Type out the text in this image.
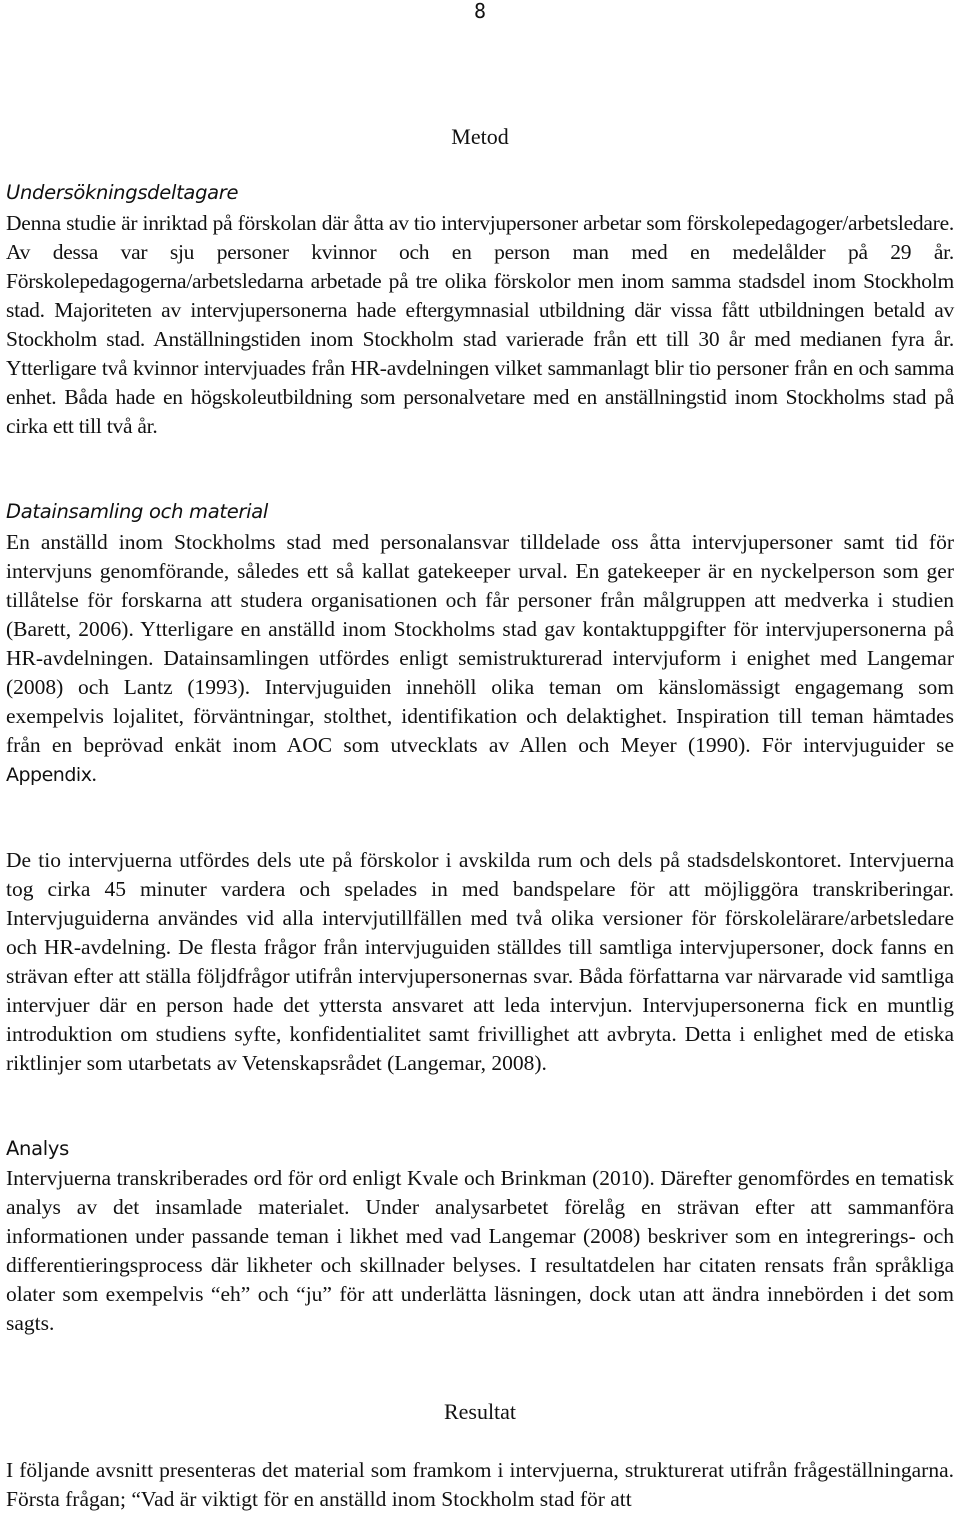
8
Metod
Undersökningsdeltagare

Denna studie är inriktad på förskolan där åtta av tio intervjupersoner arbetar som förskolepedagoger/arbetsledare. Av dessa var sju personer kvinnor och en person man med en medelålder på 29 år. Förskolepedagogerna/arbetsledarna arbetade på tre olika förskolor men inom samma stadsdel inom Stockholm stad. Majoriteten av intervjupersonerna hade eftergymnasial utbildning där vissa fått utbildningen betald av Stockholm stad. Anställningstiden inom Stockholm stad varierade från ett till 30 år med medianen fyra år. Ytterligare två kvinnor intervjuades från HR-avdelningen vilket sammanlagt blir tio personer från en och samma enhet. Båda hade en högskoleutbildning som personalvetare med en anställningstid inom Stockholms stad på cirka ett till två år.

Datainsamling och material

En anställd inom Stockholms stad med personalansvar tilldelade oss åtta intervjupersoner samt tid för intervjuns genomförande, således ett så kallat gatekeeper urval. En gatekeeper är en nyckelperson som ger tillåtelse för forskarna att studera organisationen och får personer från målgruppen att medverka i studien (Barett, 2006). Ytterligare en anställd inom Stockholms stad gav kontaktuppgifter för intervjupersonerna på HR-avdelningen. Datainsamlingen utfördes enligt semistrukturerad intervjuform i enighet med Langemar (2008) och Lantz (1993). Intervjuguiden innehöll olika teman om känslomässigt engagemang som exempelvis lojalitet, förväntningar, stolthet, identifikation och delaktighet. Inspiration till teman hämtades från en beprövad enkät inom AOC som utvecklats av Allen och Meyer (1990). För intervjuguider se Appendix.

De tio intervjuerna utfördes dels ute på förskolor i avskilda rum och dels på stadsdelskontoret. Intervjuerna tog cirka 45 minuter vardera och spelades in med bandspelare för att möjliggöra transkriberingar. Intervjuguiderna användes vid alla intervjutillfällen med två olika versioner för förskolelärare/arbetsledare och HR-avdelning. De flesta frågor från intervjuguiden ställdes till samtliga intervjupersoner, dock fanns en strävan efter att ställa följdfrågor utifrån intervjupersonernas svar. Båda författarna var närvarade vid samtliga intervjuer där en person hade det yttersta ansvaret att leda intervjun. Intervjupersonerna fick en muntlig introduktion om studiens syfte, konfidentialitet samt frivillighet att avbryta. Detta i enlighet med de etiska riktlinjer som utarbetats av Vetenskapsrådet (Langemar, 2008).

Analys

Intervjuerna transkriberades ord för ord enligt Kvale och Brinkman (2010). Därefter genomfördes en tematisk analys av det insamlade materialet. Under analysarbetet förelåg en strävan efter att sammanföra informationen under passande teman i likhet med vad Langemar (2008) beskriver som en integrerings- och differentieringsprocess där likheter och skillnader belyses. I resultatdelen har citaten rensats från språkliga olater som exempelvis “eh” och “ju” för att underlätta läsningen, dock utan att ändra innebörden i det som sagts.

Resultat

I följande avsnitt presenteras det material som framkom i intervjuerna, strukturerat utifrån frågeställningarna. Första frågan; “Vad är viktigt för en anställd inom Stockholm stad för att
